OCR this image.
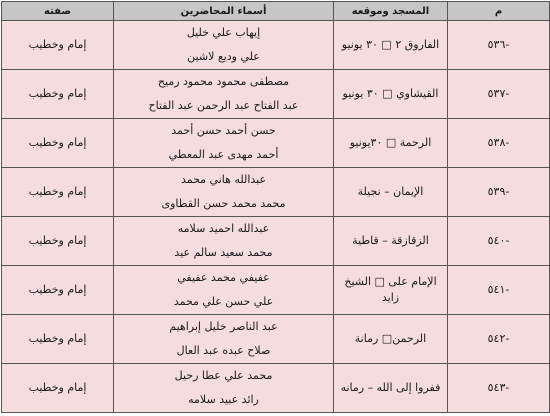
م	المسجد وموقعه	أسماء المحاضرين	صفته
-٥٣٦	الفاروق ٢ □ ٣٠ يونيو	إيهاب علي خليل
علي وديع لاشين	إمام وخطيب
-٥٣٧	القيشاوي □ ٣٠ يونيو	مصطفى محمود محمود رميح
عبد الفتاح عبد الرحمن عبد الفتاح	إمام وخطيب
-٥٣٨	الرحمة □ ٣٠يونيو	حسن أحمد حسن أحمد
أحمد مهدى عبد المعطي	إمام وخطيب
-٥٣٩	الإيمان – نجيلة	عبدالله هاني محمد
محمد محمد حسن القطاوى	إمام وخطيب
-٥٤٠	الزقازقة – قاطية	عبدالله احميد سلامه
محمد سعيد سالم عيد	إمام وخطيب
-٥٤١	الإمام على □ الشيخ زايد	عفيفي محمد عفيفي
علي حسن علي محمد	إمام وخطيب
-٥٤٢	الرحمن□ رمانة	عبد الناصر خليل إبراهيم
صلاح عبده عبد العال	إمام وخطيب
-٥٤٣	ففروا إلى الله – رمانه	محمد علي عطا رحيل
رائد عبيد سلامه	إمام وخطيب
